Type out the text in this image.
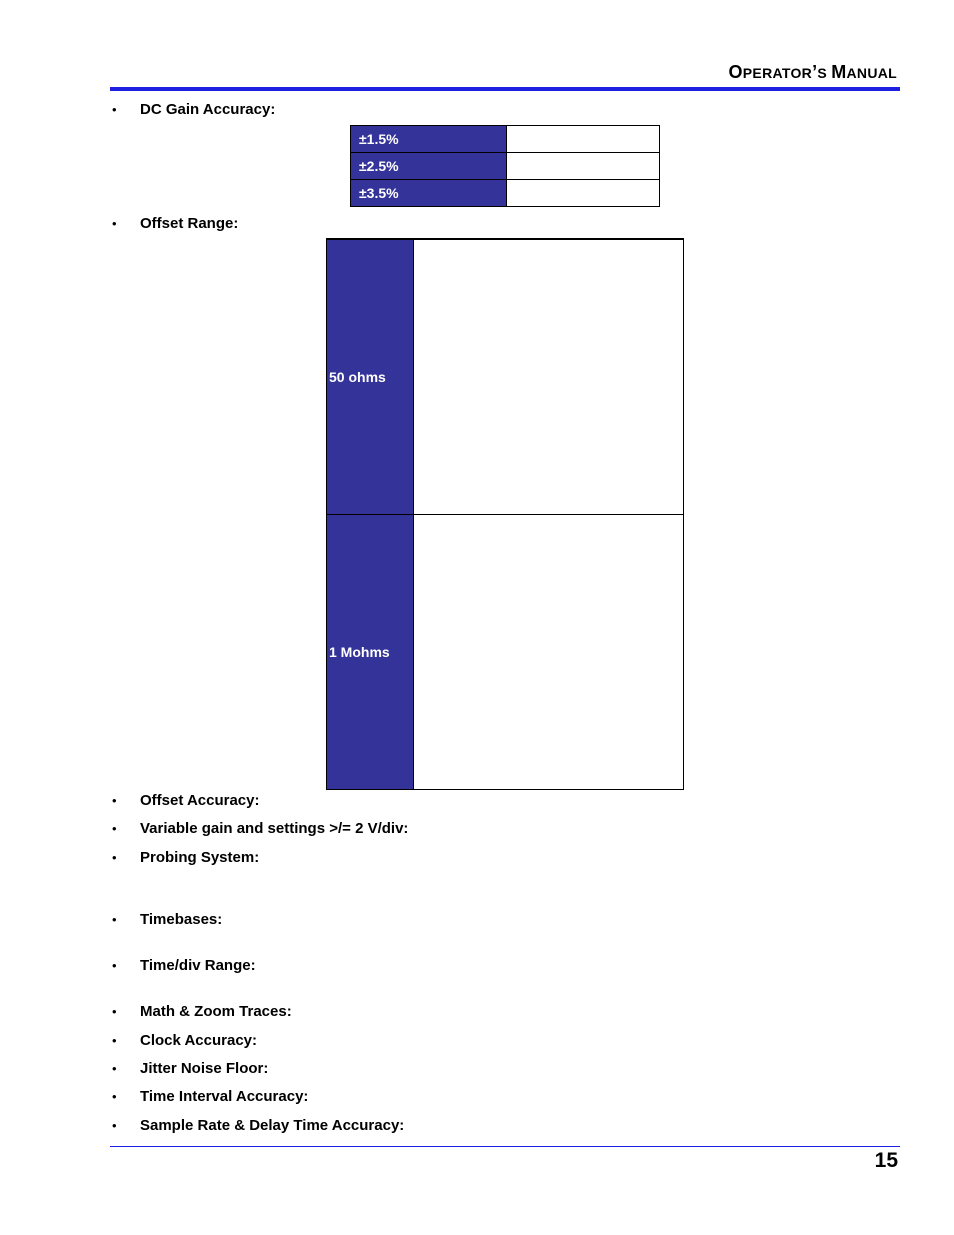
OPERATOR’S MANUAL
• DC Gain Accuracy:
±1.5%	
±2.5%	
±3.5%	
• Offset Range:
50 ohms	
1 Mohms	
• Offset Accuracy:
• Variable gain and settings >/= 2 V/div:
• Probing System:
• Timebases:
• Time/div Range:
• Math & Zoom Traces:
• Clock Accuracy:
• Jitter Noise Floor:
• Time Interval Accuracy:
• Sample Rate & Delay Time Accuracy:
15
